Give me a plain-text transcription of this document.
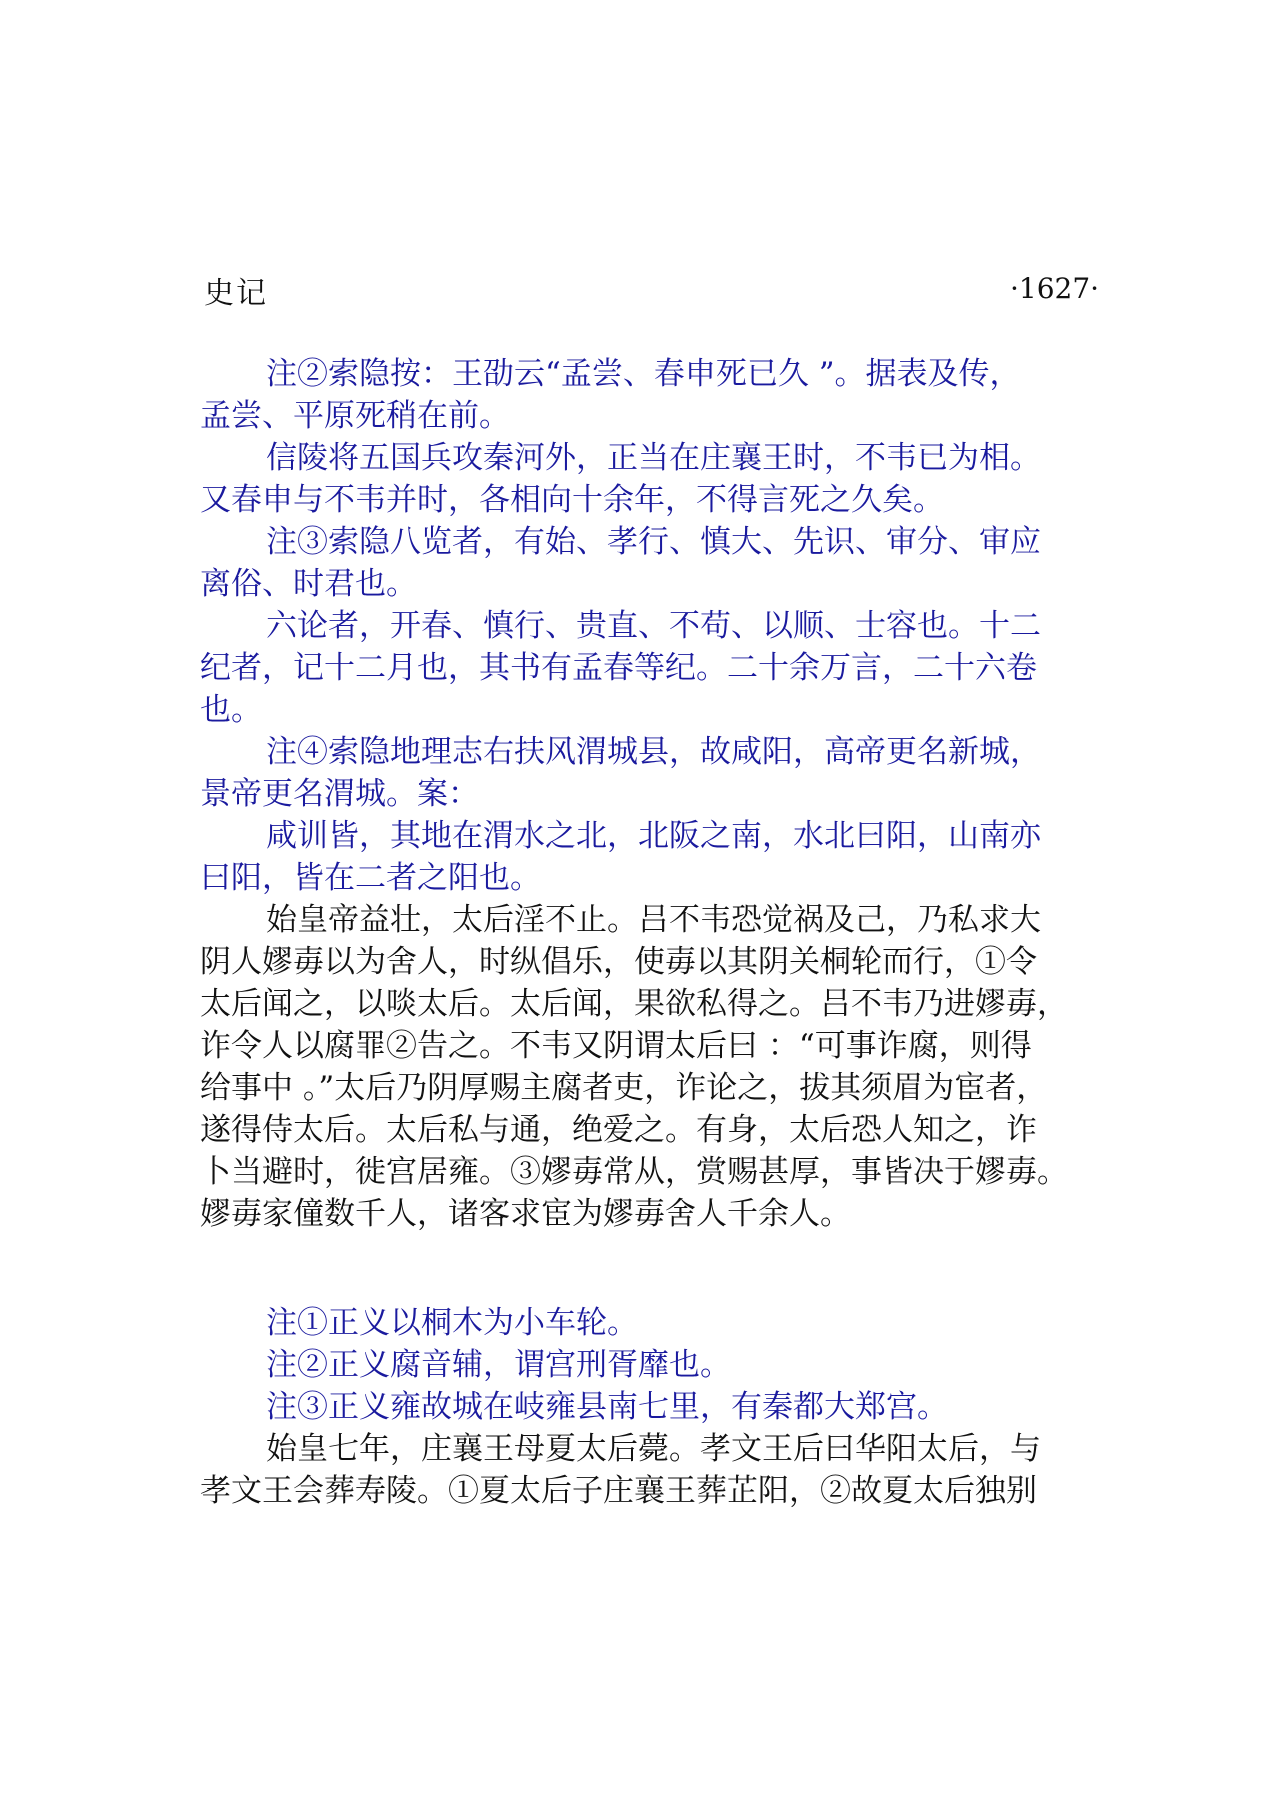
史记	·1627·
注②索隐按：王劭云“孟尝、春申死已久 ”。据表及传，
孟尝、平原死稍在前。
信陵将五国兵攻秦河外，正当在庄襄王时，不韦已为相。
又春申与不韦并时，各相向十余年，不得言死之久矣。
注③索隐八览者，有始、孝行、慎大、先识、审分、审应
离俗、时君也。
六论者，开春、慎行、贵直、不苟、以顺、士容也。十二
纪者，记十二月也，其书有孟春等纪。二十余万言，二十六卷
也。
注④索隐地理志右扶风渭城县，故咸阳，高帝更名新城，
景帝更名渭城。案：
咸训皆，其地在渭水之北，北阪之南，水北曰阳，山南亦
曰阳，皆在二者之阳也。
始皇帝益壮，太后淫不止。吕不韦恐觉祸及己，乃私求大
阴人嫪毐以为舍人，时纵倡乐，使毐以其阴关桐轮而行，①令
太后闻之，以啖太后。太后闻，果欲私得之。吕不韦乃进嫪毐，
诈令人以腐罪②告之。不韦又阴谓太后曰 ：“可事诈腐，则得
给事中 。”太后乃阴厚赐主腐者吏，诈论之，拔其须眉为宦者，
遂得侍太后。太后私与通，绝爱之。有身，太后恐人知之，诈
卜当避时，徙宫居雍。③嫪毐常从，赏赐甚厚，事皆决于嫪毐。
嫪毐家僮数千人，诸客求宦为嫪毐舍人千余人。
注①正义以桐木为小车轮。
注②正义腐音辅，谓宫刑胥靡也。
注③正义雍故城在岐雍县南七里，有秦都大郑宫。
始皇七年，庄襄王母夏太后薨。孝文王后曰华阳太后，与
孝文王会葬寿陵。①夏太后子庄襄王葬芷阳，②故夏太后独别
